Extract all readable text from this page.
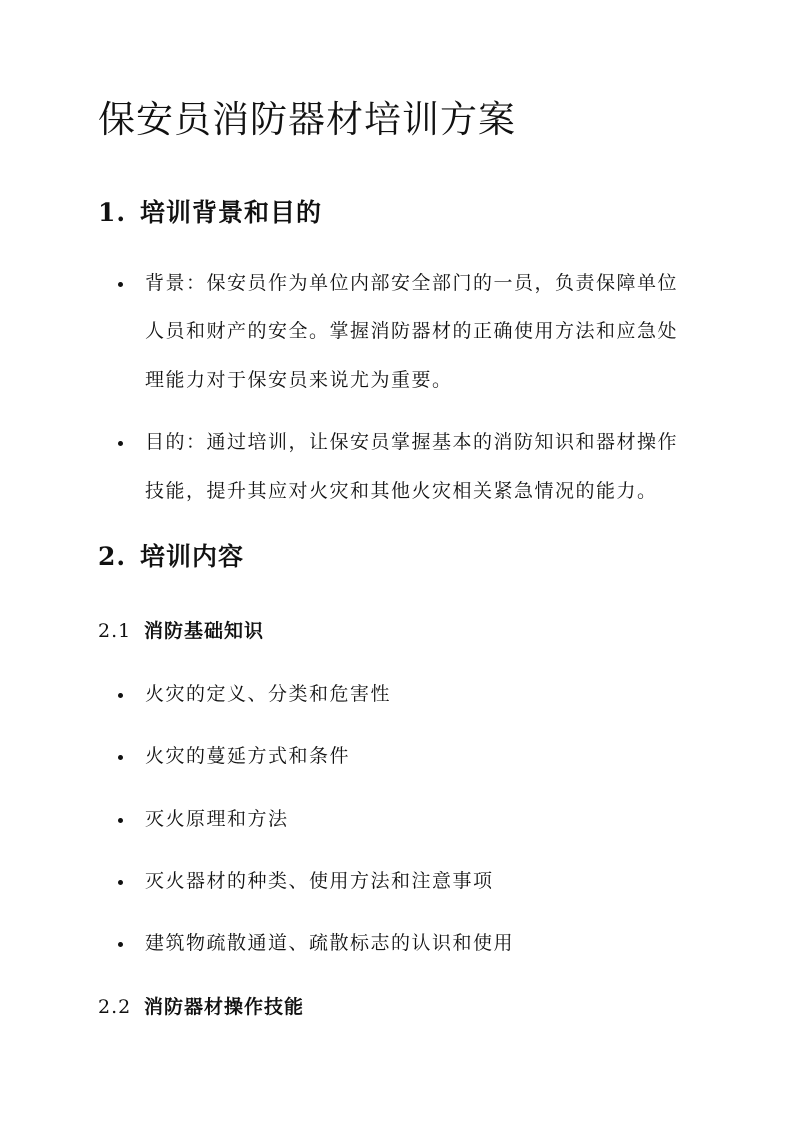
保安员消防器材培训方案
1. 培训背景和目的
背景：保安员作为单位内部安全部门的一员，负责保障单位
人员和财产的安全。掌握消防器材的正确使用方法和应急处
理能力对于保安员来说尤为重要。
目的：通过培训，让保安员掌握基本的消防知识和器材操作
技能，提升其应对火灾和其他火灾相关紧急情况的能力。
2. 培训内容
2.1 消防基础知识
火灾的定义、分类和危害性
火灾的蔓延方式和条件
灭火原理和方法
灭火器材的种类、使用方法和注意事项
建筑物疏散通道、疏散标志的认识和使用
2.2 消防器材操作技能
